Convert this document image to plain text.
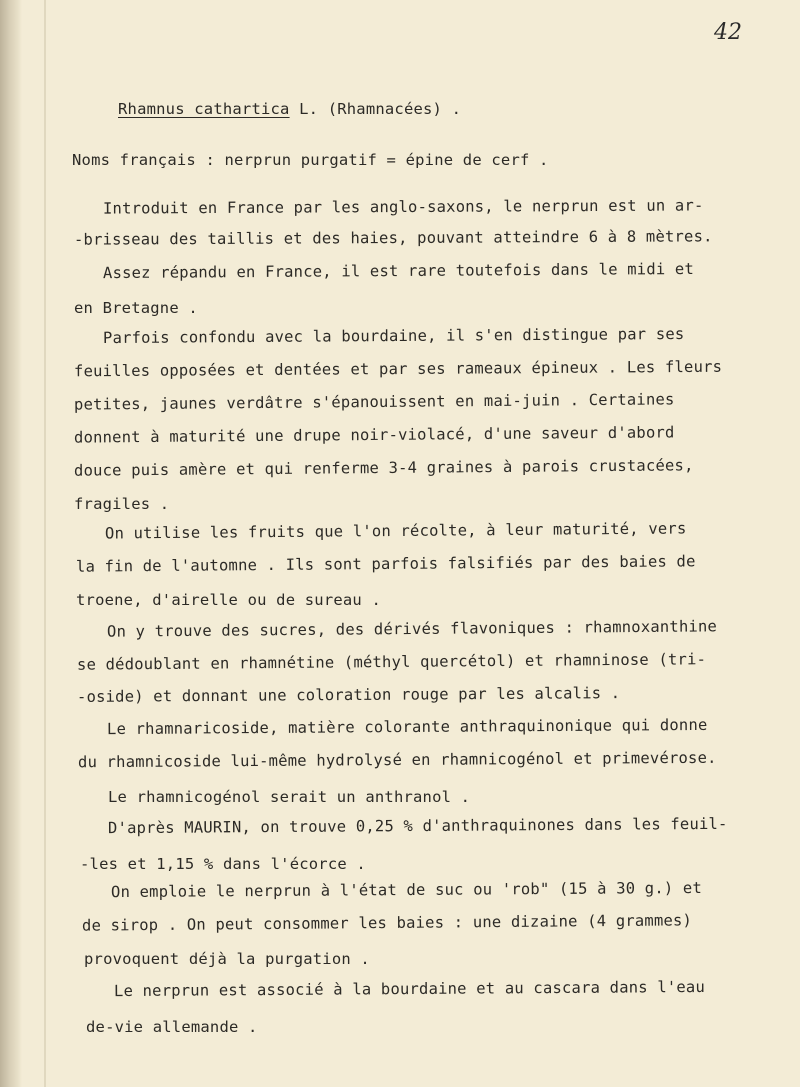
42
Rhamnus cathartica L. (Rhamnacées) .
Noms français : nerprun purgatif = épine de cerf .
Introduit en France par les anglo-saxons, le nerprun est un ar-
-brisseau des taillis et des haies, pouvant atteindre 6 à 8 mètres.
Assez répandu en France, il est rare toutefois dans le midi et
en Bretagne .
Parfois confondu avec la bourdaine, il s'en distingue par ses
feuilles opposées et dentées et par ses rameaux épineux . Les fleurs
petites, jaunes verdâtre s'épanouissent en mai-juin . Certaines
donnent à maturité une drupe noir-violacé, d'une saveur d'abord
douce puis amère et qui renferme 3-4 graines à parois crustacées,
fragiles .
On utilise les fruits que l'on récolte, à leur maturité, vers
la fin de l'automne . Ils sont parfois falsifiés par des baies de
troene, d'airelle ou de sureau .
On y trouve des sucres, des dérivés flavoniques : rhamnoxanthine
se dédoublant en rhamnétine (méthyl quercétol) et rhamninose (tri-
-oside) et donnant une coloration rouge par les alcalis .
Le rhamnaricoside, matière colorante anthraquinonique qui donne
du rhamnicoside lui-même hydrolysé en rhamnicogénol et primevérose.
Le rhamnicogénol serait un anthranol .
D'après MAURIN, on trouve 0,25 % d'anthraquinones dans les feuil-
-les et 1,15 % dans l'écorce .
On emploie le nerprun à l'état de suc ou 'rob" (15 à 30 g.) et
de sirop . On peut consommer les baies : une dizaine (4 grammes)
provoquent déjà la purgation .
Le nerprun est associé à la bourdaine et au cascara dans l'eau
de-vie allemande .
